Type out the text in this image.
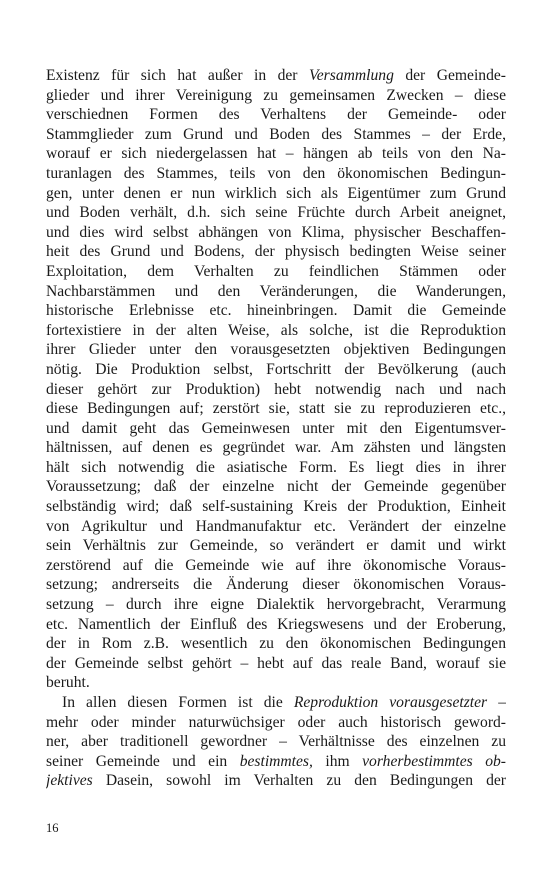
Existenz für sich hat außer in der Versammlung der Gemeinde-
glieder und ihrer Vereinigung zu gemeinsamen Zwecken – diese
verschiednen Formen des Verhaltens der Gemeinde- oder
Stammglieder zum Grund und Boden des Stammes – der Erde,
worauf er sich niedergelassen hat – hängen ab teils von den Na-
turanlagen des Stammes, teils von den ökonomischen Bedingun-
gen, unter denen er nun wirklich sich als Eigentümer zum Grund
und Boden verhält, d.h. sich seine Früchte durch Arbeit aneignet,
und dies wird selbst abhängen von Klima, physischer Beschaffen-
heit des Grund und Bodens, der physisch bedingten Weise seiner
Exploitation, dem Verhalten zu feindlichen Stämmen oder
Nachbarstämmen und den Veränderungen, die Wanderungen,
historische Erlebnisse etc. hineinbringen. Damit die Gemeinde
fortexistiere in der alten Weise, als solche, ist die Reproduktion
ihrer Glieder unter den vorausgesetzten objektiven Bedingungen
nötig. Die Produktion selbst, Fortschritt der Bevölkerung (auch
dieser gehört zur Produktion) hebt notwendig nach und nach
diese Bedingungen auf; zerstört sie, statt sie zu reproduzieren etc.,
und damit geht das Gemeinwesen unter mit den Eigentumsver-
hältnissen, auf denen es gegründet war. Am zähsten und längsten
hält sich notwendig die asiatische Form. Es liegt dies in ihrer
Voraussetzung; daß der einzelne nicht der Gemeinde gegenüber
selbständig wird; daß self-sustaining Kreis der Produktion, Einheit
von Agrikultur und Handmanufaktur etc. Verändert der einzelne
sein Verhältnis zur Gemeinde, so verändert er damit und wirkt
zerstörend auf die Gemeinde wie auf ihre ökonomische Voraus-
setzung; andrerseits die Änderung dieser ökonomischen Voraus-
setzung – durch ihre eigne Dialektik hervorgebracht, Verarmung
etc. Namentlich der Einfluß des Kriegswesens und der Eroberung,
der in Rom z.B. wesentlich zu den ökonomischen Bedingungen
der Gemeinde selbst gehört – hebt auf das reale Band, worauf sie
beruht.
In allen diesen Formen ist die Reproduktion vorausgesetzter –
mehr oder minder naturwüchsiger oder auch historisch geword-
ner, aber traditionell gewordner – Verhältnisse des einzelnen zu
seiner Gemeinde und ein bestimmtes, ihm vorherbestimmtes ob-
jektives Dasein, sowohl im Verhalten zu den Bedingungen der
16
